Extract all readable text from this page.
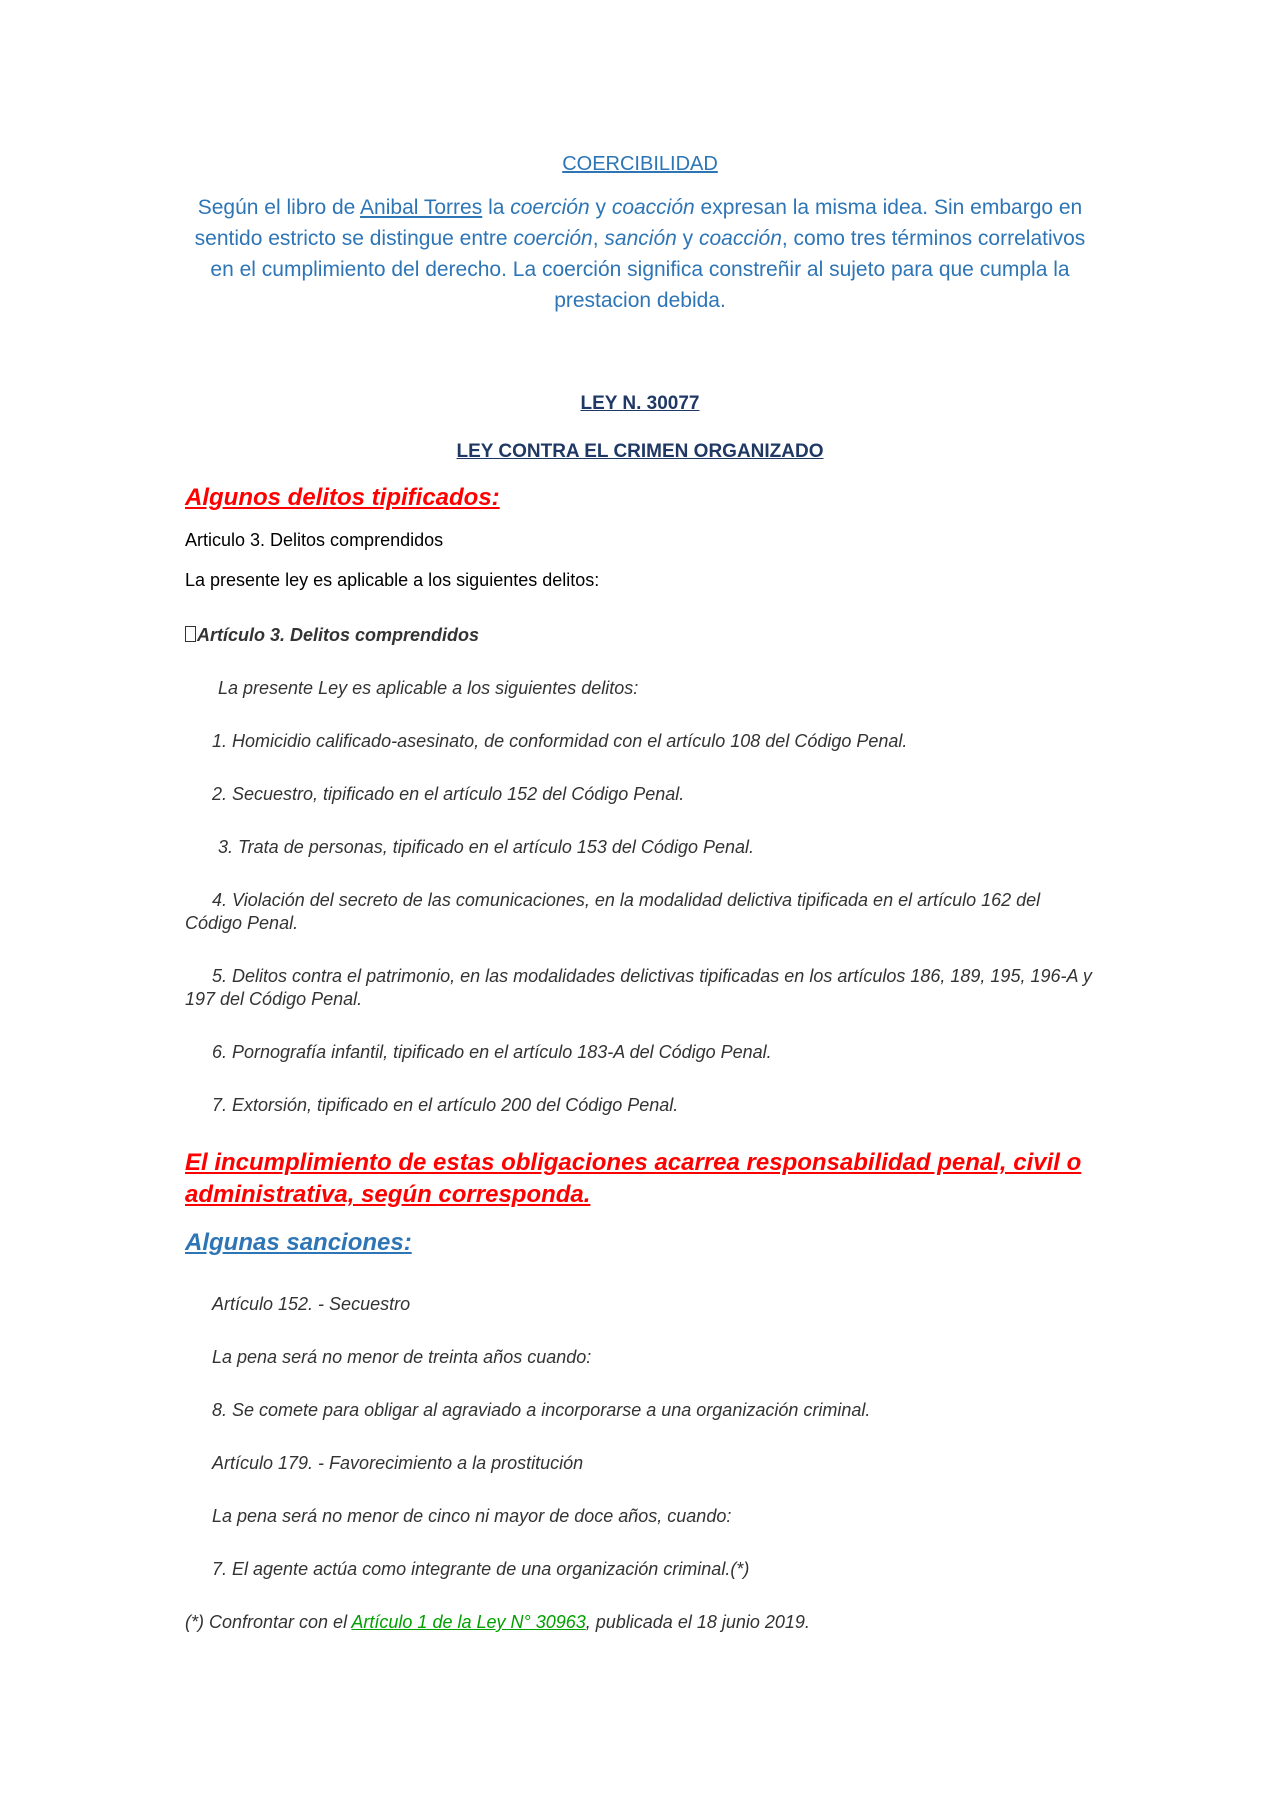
COERCIBILIDAD

Según el libro de Anibal Torres la coerción y coacción expresan la misma idea. Sin embargo en sentido estricto se distingue entre coerción, sanción y coacción, como tres términos correlativos en el cumplimiento del derecho. La coerción significa constreñir al sujeto para que cumpla la prestacion debida.

LEY N. 30077

LEY CONTRA EL CRIMEN ORGANIZADO

Algunos delitos tipificados:

Articulo 3. Delitos comprendidos

La presente ley es aplicable a los siguientes delitos:

Artículo 3. Delitos comprendidos

La presente Ley es aplicable a los siguientes delitos:

1. Homicidio calificado-asesinato, de conformidad con el artículo 108 del Código Penal.

2. Secuestro, tipificado en el artículo 152 del Código Penal.

3. Trata de personas, tipificado en el artículo 153 del Código Penal.

4. Violación del secreto de las comunicaciones, en la modalidad delictiva tipificada en el artículo 162 del Código Penal.

5. Delitos contra el patrimonio, en las modalidades delictivas tipificadas en los artículos 186, 189, 195, 196-A y 197 del Código Penal.

6. Pornografía infantil, tipificado en el artículo 183-A del Código Penal.

7. Extorsión, tipificado en el artículo 200 del Código Penal.

El incumplimiento de estas obligaciones acarrea responsabilidad penal, civil o administrativa, según corresponda.

Algunas sanciones:

Artículo 152. - Secuestro

La pena será no menor de treinta años cuando:

8. Se comete para obligar al agraviado a incorporarse a una organización criminal.

Artículo 179. - Favorecimiento a la prostitución

La pena será no menor de cinco ni mayor de doce años, cuando:

7. El agente actúa como integrante de una organización criminal.(*)

(*) Confrontar con el Artículo 1 de la Ley N° 30963, publicada el 18 junio 2019.
